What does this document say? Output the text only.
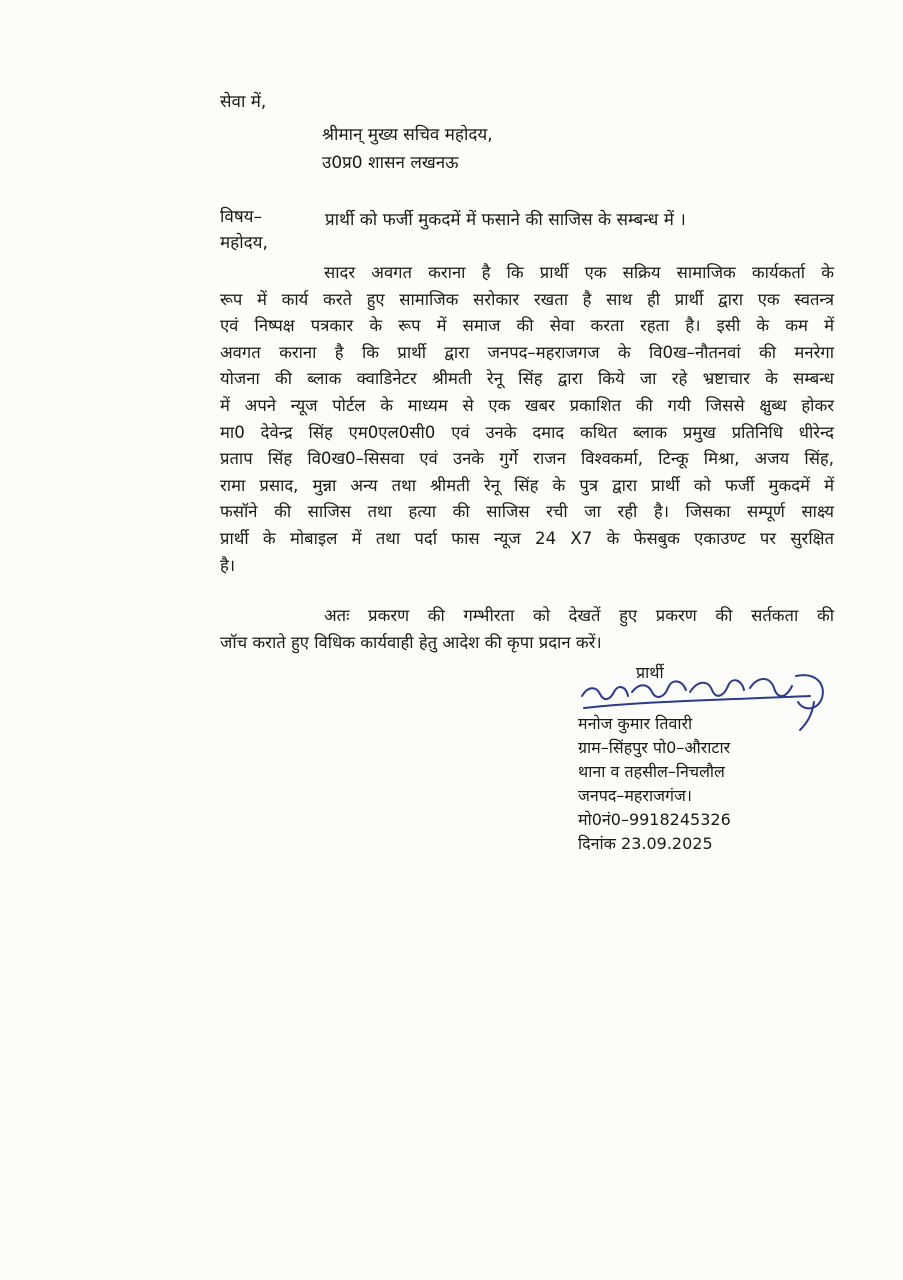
सेवा में,
श्रीमान् मुख्य सचिव महोदय,
उ0प्र0 शासन लखनऊ
विषय–	प्रार्थी को फर्जी मुकदमें में फसाने की साजिस के सम्बन्ध में ।
महोदय,
सादर अवगत कराना है कि प्रार्थी एक सक्रिय सामाजिक कार्यकर्ता के
रूप में कार्य करते हुए सामाजिक सरोकार रखता है साथ ही प्रार्थी द्वारा एक स्वतन्त्र
एवं निष्पक्ष पत्रकार के रूप में समाज की सेवा करता रहता है। इसी के कम में
अवगत कराना है कि प्रार्थी द्वारा जनपद–महराजगज के वि0ख–नौतनवां की मनरेगा
योजना की ब्लाक क्वाडिनेटर श्रीमती रेनू सिंह द्वारा किये जा रहे भ्रष्टाचार के सम्बन्ध
में अपने न्यूज पोर्टल के माध्यम से एक खबर प्रकाशित की गयी जिससे क्षुब्ध होकर
मा0 देवेन्द्र सिंह एम0एल0सी0 एवं उनके दमाद कथित ब्लाक प्रमुख प्रतिनिधि धीरेन्द
प्रताप सिंह वि0ख0–सिसवा एवं उनके गुर्गे राजन विश्वकर्मा, टिन्कू मिश्रा, अजय सिंह,
रामा प्रसाद, मुन्ना अन्य तथा श्रीमती रेनू सिंह के पुत्र द्वारा प्रार्थी को फर्जी मुकदमें में
फसॉने की साजिस तथा हत्या की साजिस रची जा रही है। जिसका सम्पूर्ण साक्ष्य
प्रार्थी के मोबाइल में तथा पर्दा फास न्यूज 24 X7 के फेसबुक एकाउण्ट पर सुरक्षित
है।
अतः प्रकरण की गम्भीरता को देखतें हुए प्रकरण की सर्तकता की
जॉच कराते हुए विधिक कार्यवाही हेतु आदेश की कृपा प्रदान करें।
प्रार्थी
मनोज कुमार तिवारी
ग्राम–सिंहपुर पो0–औराटार
थाना व तहसील–निचलौल
जनपद–महराजगंज।
मो0नं0–9918245326
दिनांक 23.09.2025
